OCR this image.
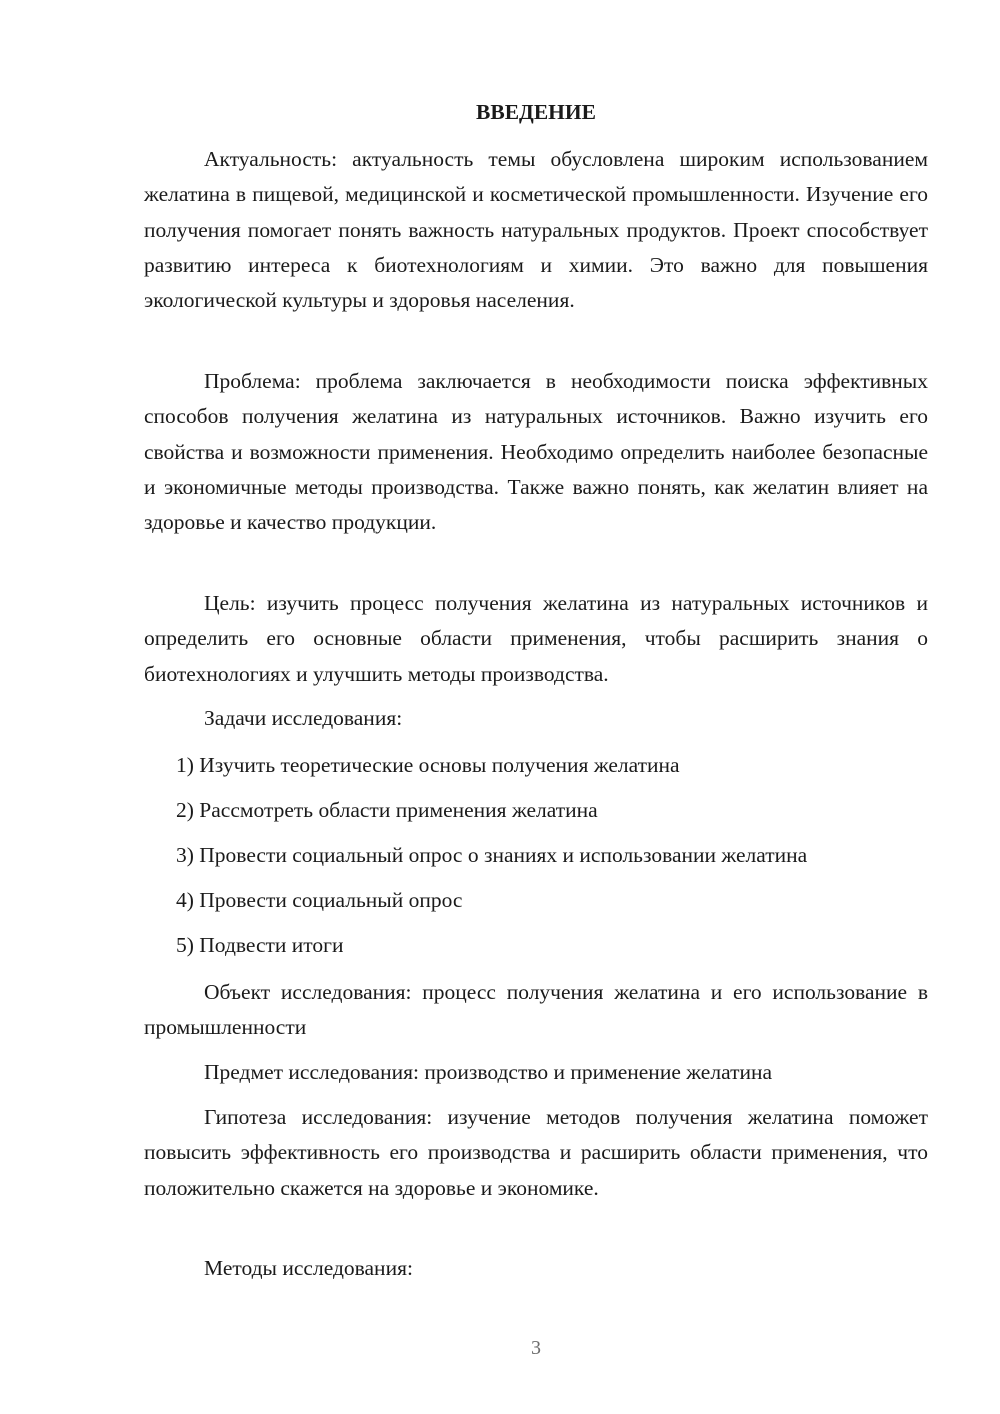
ВВЕДЕНИЕ

Актуальность: актуальность темы обусловлена широким использованием желатина в пищевой, медицинской и косметической промышленности. Изучение его получения помогает понять важность натуральных продуктов. Проект способствует развитию интереса к биотехнологиям и химии. Это важно для повышения экологической культуры и здоровья населения.

Проблема: проблема заключается в необходимости поиска эффективных способов получения желатина из натуральных источников. Важно изучить его свойства и возможности применения. Необходимо определить наиболее безопасные и экономичные методы производства. Также важно понять, как желатин влияет на здоровье и качество продукции.

Цель: изучить процесс получения желатина из натуральных источников и определить его основные области применения, чтобы расширить знания о биотехнологиях и улучшить методы производства.

Задачи исследования:

1) Изучить теоретические основы получения желатина

2) Рассмотреть области применения желатина

3) Провести социальный опрос о знаниях и использовании желатина

4) Провести социальный опрос

5) Подвести итоги

Объект исследования: процесс получения желатина и его использование в промышленности

Предмет исследования: производство и применение желатина

Гипотеза исследования: изучение методов получения желатина поможет повысить эффективность его производства и расширить области применения, что положительно скажется на здоровье и экономике.

Методы исследования:

3
